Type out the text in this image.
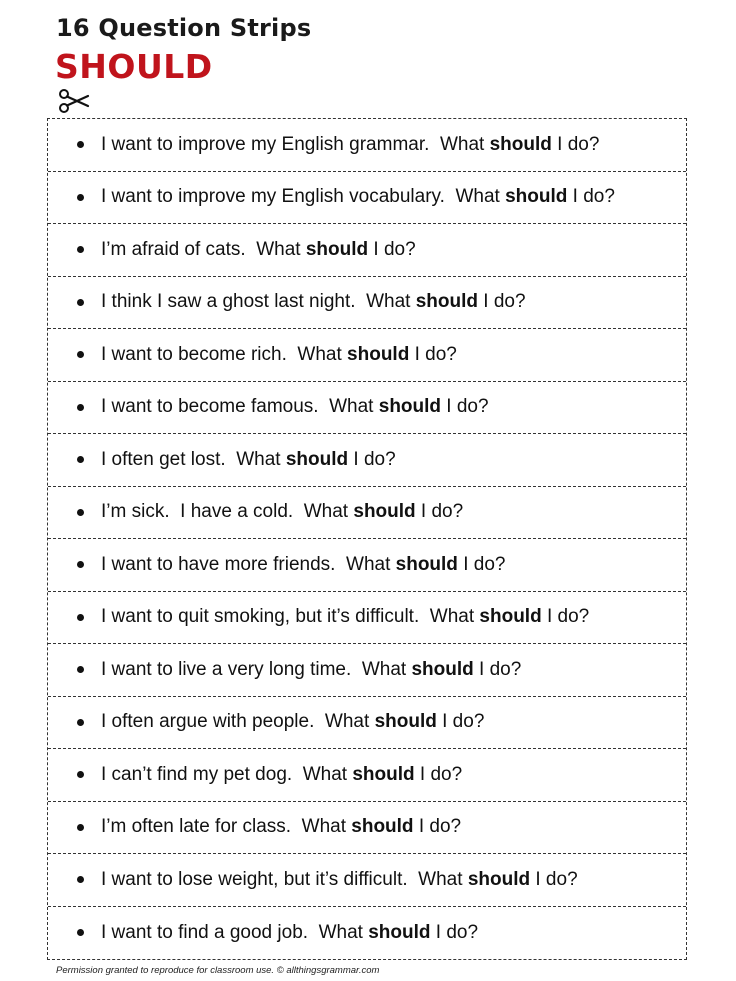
16 Question Strips
SHOULD
I want to improve my English grammar.  What should I do?
I want to improve my English vocabulary.  What should I do?
I’m afraid of cats.  What should I do?
I think I saw a ghost last night.  What should I do?
I want to become rich.  What should I do?
I want to become famous.  What should I do?
I often get lost.  What should I do?
I’m sick.  I have a cold.  What should I do?
I want to have more friends.  What should I do?
I want to quit smoking, but it’s difficult.  What should I do?
I want to live a very long time.  What should I do?
I often argue with people.  What should I do?
I can’t find my pet dog.  What should I do?
I’m often late for class.  What should I do?
I want to lose weight, but it’s difficult.  What should I do?
I want to find a good job.  What should I do?
Permission granted to reproduce for classroom use. © allthingsgrammar.com
